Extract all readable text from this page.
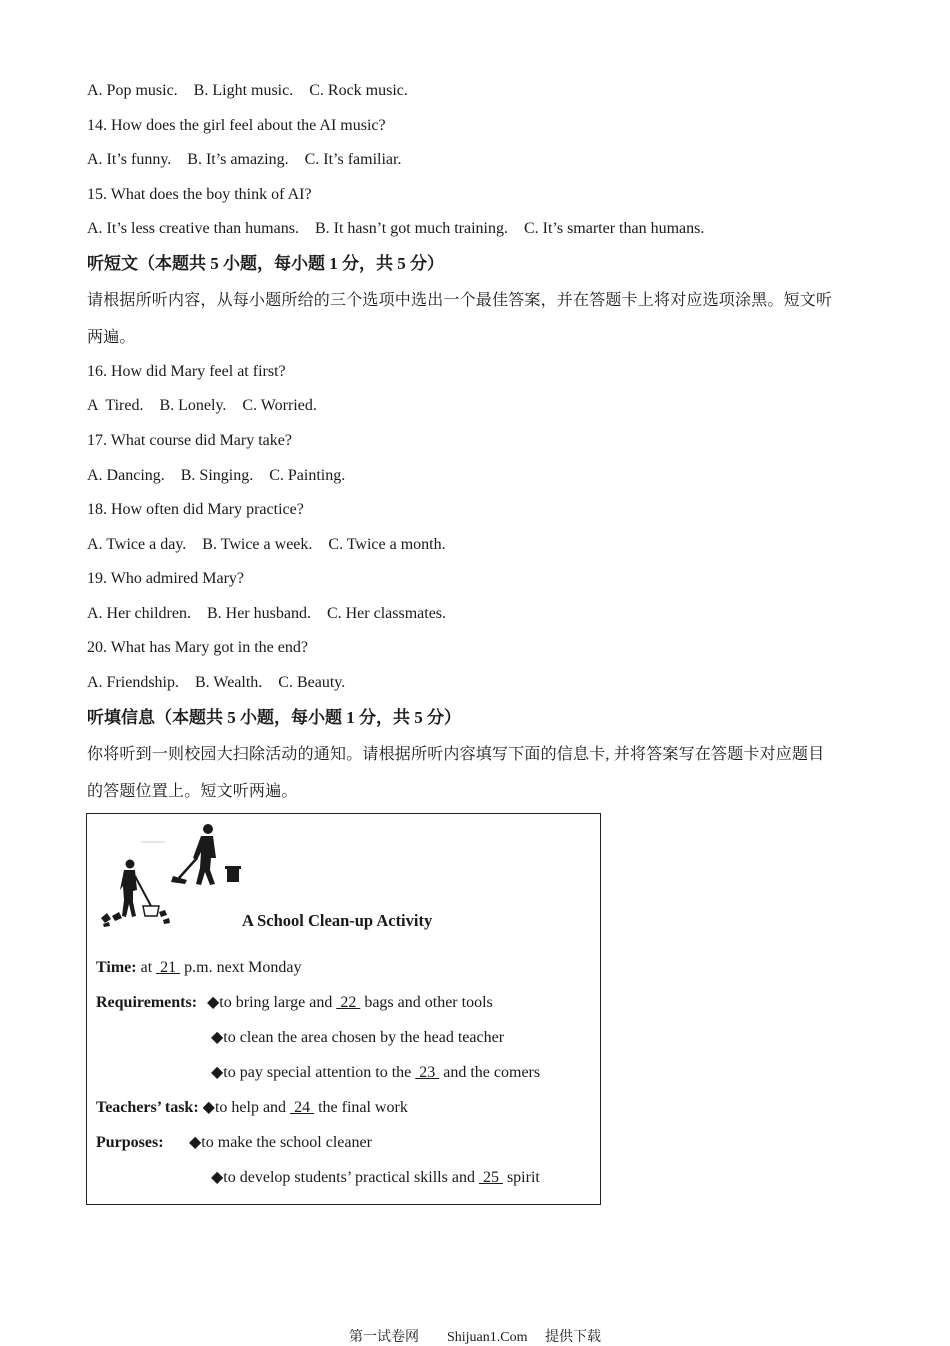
A. Pop music.    B. Light music.    C. Rock music.
14. How does the girl feel about the AI music?
A. It’s funny.    B. It’s amazing.    C. It’s familiar.
15. What does the boy think of AI?
A. It’s less creative than humans.    B. It hasn’t got much training.    C. It’s smarter than humans.
听短文（本题共 5 小题，每小题 1 分，共 5 分）
请根据所听内容，从每小题所给的三个选项中选出一个最佳答案，并在答题卡上将对应选项涂黑。短文听
两遍。
16. How did Mary feel at first?
A  Tired.    B. Lonely.    C. Worried.
17. What course did Mary take?
A. Dancing.    B. Singing.    C. Painting.
18. How often did Mary practice?
A. Twice a day.    B. Twice a week.    C. Twice a month.
19. Who admired Mary?
A. Her children.    B. Her husband.    C. Her classmates.
20. What has Mary got in the end?
A. Friendship.    B. Wealth.    C. Beauty.
听填信息（本题共 5 小题，每小题 1 分，共 5 分）
你将听到一则校园大扫除活动的通知。请根据所听内容填写下面的信息卡, 并将答案写在答题卡对应题目
的答题位置上。短文听两遍。
A School Clean-up Activity
Time: at  21  p.m. next Monday
Requirements: ◆to bring large and  22  bags and other tools
◆to clean the area chosen by the head teacher
◆to pay special attention to the  23  and the comers
Teachers’ task: ◆to help and  24  the final work
Purposes: ◆to make the school cleaner
◆to develop students’ practical skills and  25  spirit
第一试卷网        Shijuan1.Com     提供下载
